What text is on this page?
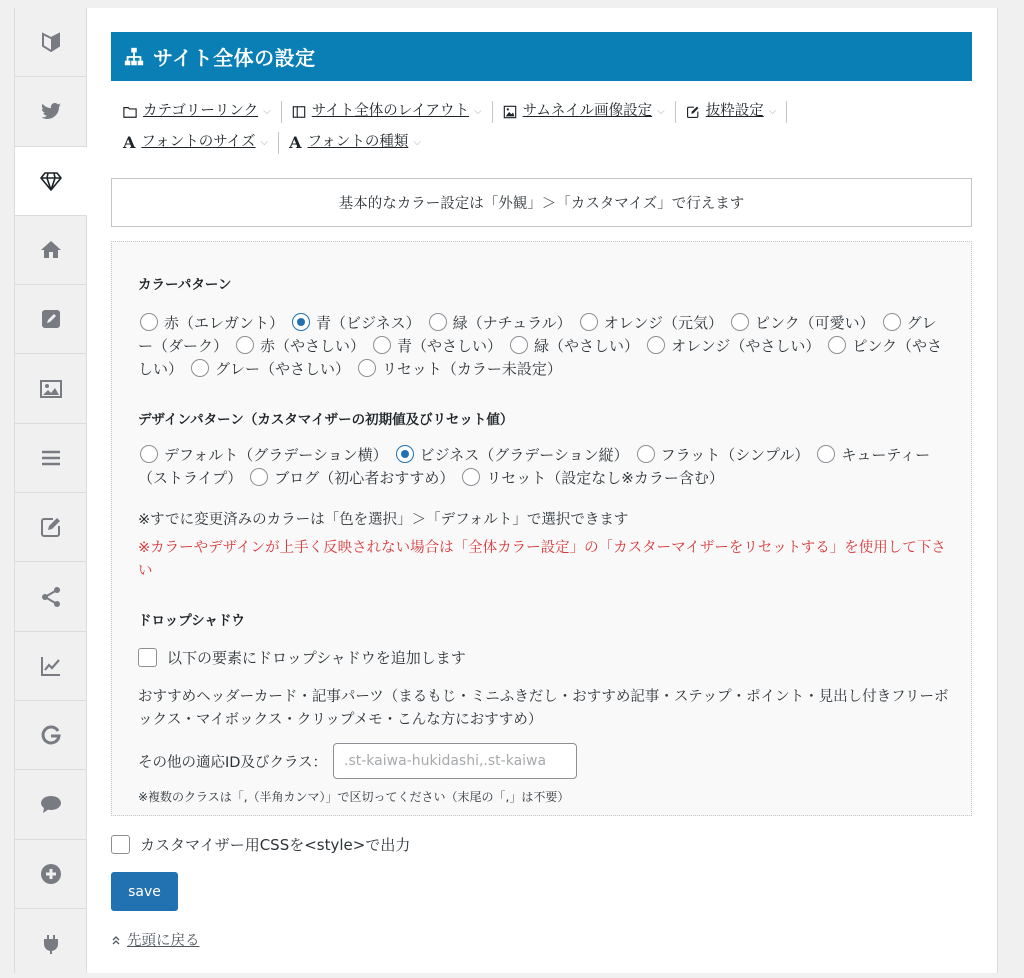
サイト全体の設定
カテゴリーリンク ⌵	サイト全体のレイアウト ⌵	サムネイル画像設定 ⌵	抜粋設定 ⌵
A フォントのサイズ ⌵ A フォントの種類 ⌵
基本的なカラー設定は「外観」＞「カスタマイズ」で行えます
カラーパターン
赤（エレガント） 青（ビジネス） 緑（ナチュラル） オレンジ（元気） ピンク（可愛い） グレー（ダーク） 赤（やさしい） 青（やさしい） 緑（やさしい） オレンジ（やさしい） ピンク（やさしい） グレー（やさしい） リセット（カラー未設定）
デザインパターン（カスタマイザーの初期値及びリセット値）
デフォルト（グラデーション横） ビジネス（グラデーション縦） フラット（シンプル） キューティー（ストライプ） ブログ（初心者おすすめ） リセット（設定なし※カラー含む）
※すでに変更済みのカラーは「色を選択」＞「デフォルト」で選択できます
※カラーやデザインが上手く反映されない場合は「全体カラー設定」の「カスターマイザーをリセットする」を使用して下さい
ドロップシャドウ
以下の要素にドロップシャドウを追加します
おすすめヘッダーカード・記事パーツ（まるもじ・ミニふきだし・おすすめ記事・ステップ・ポイント・見出し付きフリーボックス・マイボックス・クリップメモ・こんな方におすすめ）
その他の適応ID及びクラス：
.st-kaiwa-hukidashi,.st-kaiwa
※複数のクラスは「,（半角カンマ）」で区切ってください（末尾の「,」は不要）
カスタマイザー用CSSを<style>で出力
save
先頭に戻る
